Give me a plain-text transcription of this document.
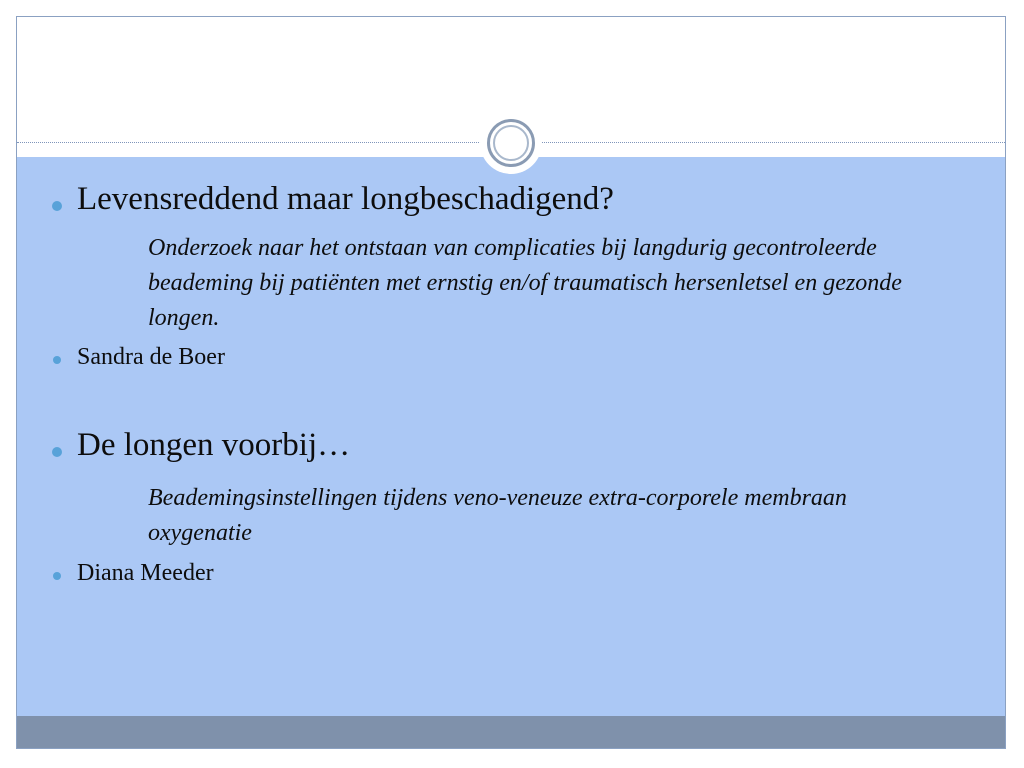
Levensreddend maar longbeschadigend?
Onderzoek naar het ontstaan van complicaties bij langdurig gecontroleerde beademing bij patiënten met ernstig en/of traumatisch hersenletsel en gezonde longen.
Sandra de Boer
De longen voorbij…
Beademingsinstellingen tijdens veno-veneuze extra-corporele membraan oxygenatie
Diana Meeder
